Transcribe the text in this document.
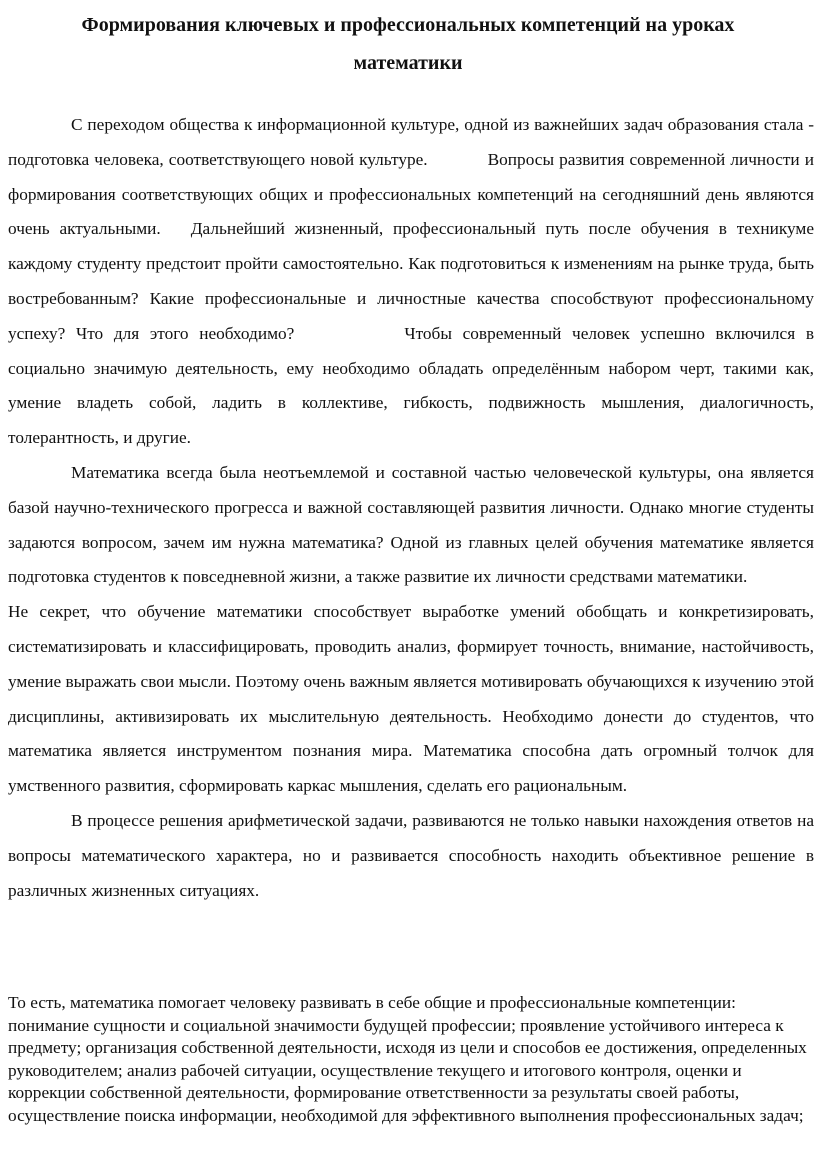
Формирования ключевых и профессиональных компетенций на уроках
математики

С переходом общества к информационной культуре, одной из важнейших задач образования стала - подготовка человека, соответствующего новой культуре.	Вопросы развития современной личности и формирования соответствующих общих и профессиональных компетенций на сегодняшний день являются очень актуальными. Дальнейший жизненный, профессиональный путь после обучения в техникуме каждому студенту предстоит пройти самостоятельно. Как подготовиться к изменениям на рынке труда, быть востребованным? Какие профессиональные и личностные качества способствуют профессиональному успеху? Что для этого необходимо?	Чтобы современный человек успешно включился в социально значимую деятельность, ему необходимо обладать определённым набором черт, такими как, умение владеть собой, ладить в коллективе, гибкость, подвижность мышления, диалогичность, толерантность, и другие.

Математика всегда была неотъемлемой и составной частью человеческой культуры, она является базой научно-технического прогресса и важной составляющей развития личности. Однако многие студенты задаются вопросом, зачем им нужна математика? Одной из главных целей обучения математике является подготовка студентов к повседневной жизни, а также развитие их личности средствами математики.

Не секрет, что обучение математики способствует выработке умений обобщать и конкретизировать, систематизировать и классифицировать, проводить анализ, формирует точность, внимание, настойчивость, умение выражать свои мысли. Поэтому очень важным является мотивировать обучающихся к изучению этой дисциплины, активизировать их мыслительную деятельность. Необходимо донести до студентов, что математика является инструментом познания мира. Математика способна дать огромный толчок для умственного развития, сформировать каркас мышления, сделать его рациональным.

В процессе решения арифметической задачи, развиваются не только навыки нахождения ответов на вопросы математического характера, но и развивается способность находить объективное решение в различных жизненных ситуациях.

То есть, математика помогает человеку развивать в себе общие и профессиональные компетенции: понимание сущности и социальной значимости будущей профессии; проявление устойчивого интереса к предмету; организация собственной деятельности, исходя из цели и способов ее достижения, определенных руководителем; анализ рабочей ситуации, осуществление текущего и итогового контроля, оценки и коррекции собственной деятельности, формирование ответственности за результаты своей работы, осуществление поиска информации, необходимой для эффективного выполнения профессиональных задач;
